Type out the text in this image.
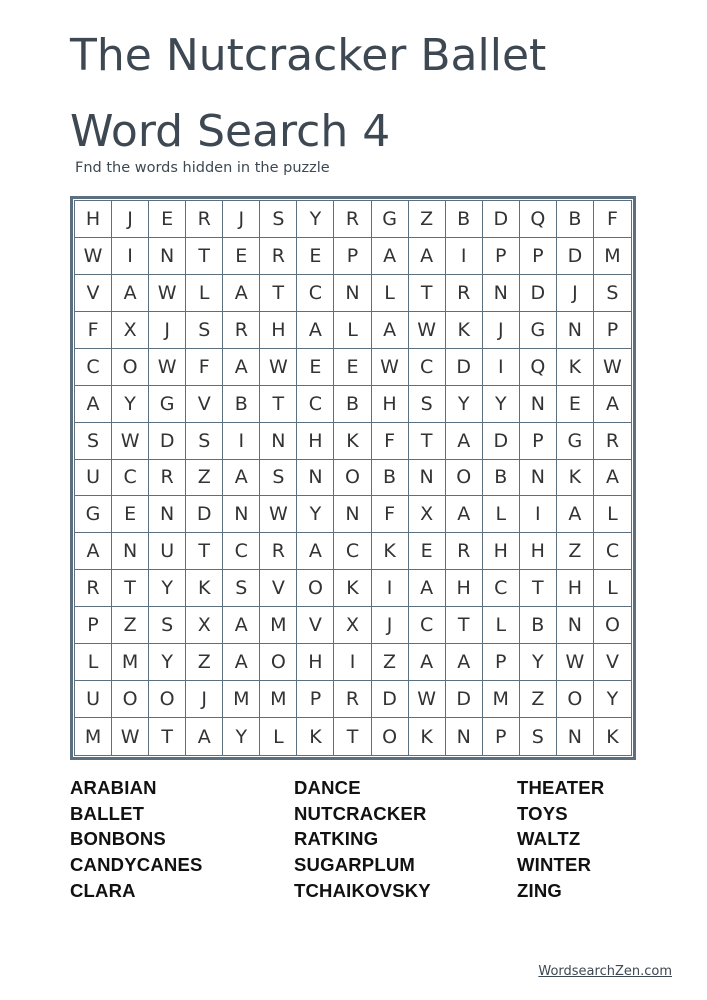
The Nutcracker Ballet
Word Search 4
Fnd the words hidden in the puzzle
H	J	E	R	J	S	Y	R	G	Z	B	D	Q	B	F
W	I	N	T	E	R	E	P	A	A	I	P	P	D	M
V	A	W	L	A	T	C	N	L	T	R	N	D	J	S
F	X	J	S	R	H	A	L	A	W	K	J	G	N	P
C	O	W	F	A	W	E	E	W	C	D	I	Q	K	W
A	Y	G	V	B	T	C	B	H	S	Y	Y	N	E	A
S	W	D	S	I	N	H	K	F	T	A	D	P	G	R
U	C	R	Z	A	S	N	O	B	N	O	B	N	K	A
G	E	N	D	N	W	Y	N	F	X	A	L	I	A	L
A	N	U	T	C	R	A	C	K	E	R	H	H	Z	C
R	T	Y	K	S	V	O	K	I	A	H	C	T	H	L
P	Z	S	X	A	M	V	X	J	C	T	L	B	N	O
L	M	Y	Z	A	O	H	I	Z	A	A	P	Y	W	V
U	O	O	J	M	M	P	R	D	W	D	M	Z	O	Y
M	W	T	A	Y	L	K	T	O	K	N	P	S	N	K
ARABIAN
BALLET
BONBONS
CANDYCANES
CLARA
DANCE
NUTCRACKER
RATKING
SUGARPLUM
TCHAIKOVSKY
THEATER
TOYS
WALTZ
WINTER
ZING
WordsearchZen.com
